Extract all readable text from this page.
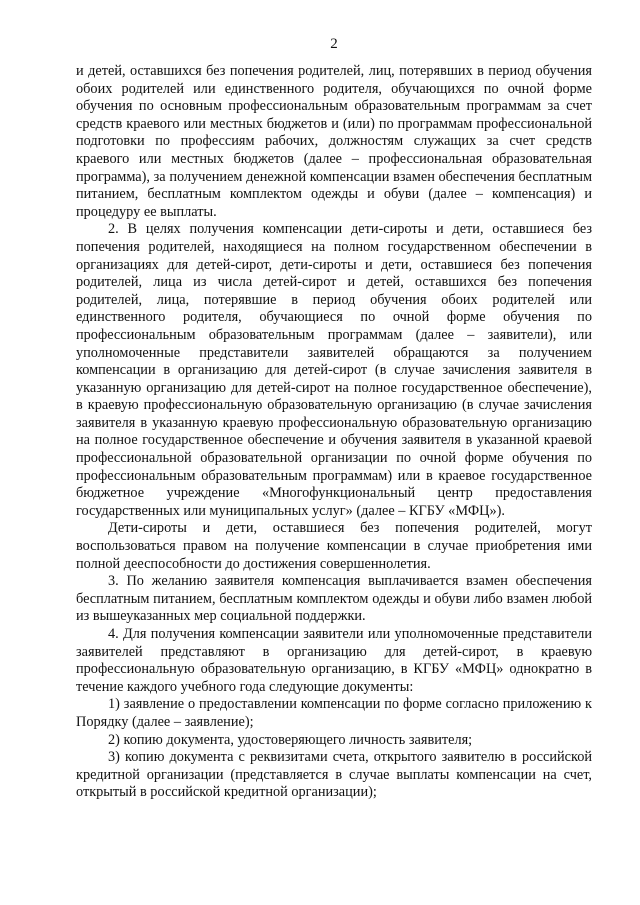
2

и детей, оставшихся без попечения родителей, лиц, потерявших в период обучения обоих родителей или единственного родителя, обучающихся по очной форме обучения по основным профессиональным образовательным программам за счет средств краевого или местных бюджетов и (или) по программам профессиональной подготовки по профессиям рабочих, должностям служащих за счет средств краевого или местных бюджетов (далее – профессиональная образовательная программа), за получением денежной компенсации взамен обеспечения бесплатным питанием, бесплатным комплектом одежды и обуви (далее – компенсация) и процедуру ее выплаты.

2. В целях получения компенсации дети-сироты и дети, оставшиеся без попечения родителей, находящиеся на полном государственном обеспечении в организациях для детей-сирот, дети-сироты и дети, оставшиеся без попечения родителей, лица из числа детей-сирот и детей, оставшихся без попечения родителей, лица, потерявшие в период обучения обоих родителей или единственного родителя, обучающиеся по очной форме обучения по профессиональным образовательным программам (далее – заявители), или уполномоченные представители заявителей обращаются за получением компенсации в организацию для детей-сирот (в случае зачисления заявителя в указанную организацию для детей-сирот на полное государственное обеспечение), в краевую профессиональную образовательную организацию (в случае зачисления заявителя в указанную краевую профессиональную образовательную организацию на полное государственное обеспечение и обучения заявителя в указанной краевой профессиональной образовательной организации по очной форме обучения по профессиональным образовательным программам) или в краевое государственное бюджетное учреждение «Многофункциональный центр предоставления государственных или муниципальных услуг» (далее – КГБУ «МФЦ»).

Дети-сироты и дети, оставшиеся без попечения родителей, могут воспользоваться правом на получение компенсации в случае приобретения ими полной дееспособности до достижения совершеннолетия.

3. По желанию заявителя компенсация выплачивается взамен обеспечения бесплатным питанием, бесплатным комплектом одежды и обуви либо взамен любой из вышеуказанных мер социальной поддержки.

4. Для получения компенсации заявители или уполномоченные представители заявителей представляют в организацию для детей-сирот, в краевую профессиональную образовательную организацию, в КГБУ «МФЦ» однократно в течение каждого учебного года следующие документы:

1) заявление о предоставлении компенсации по форме согласно приложению к Порядку (далее – заявление);

2) копию документа, удостоверяющего личность заявителя;

3) копию документа с реквизитами счета, открытого заявителю в российской кредитной организации (представляется в случае выплаты компенсации на счет, открытый в российской кредитной организации);
